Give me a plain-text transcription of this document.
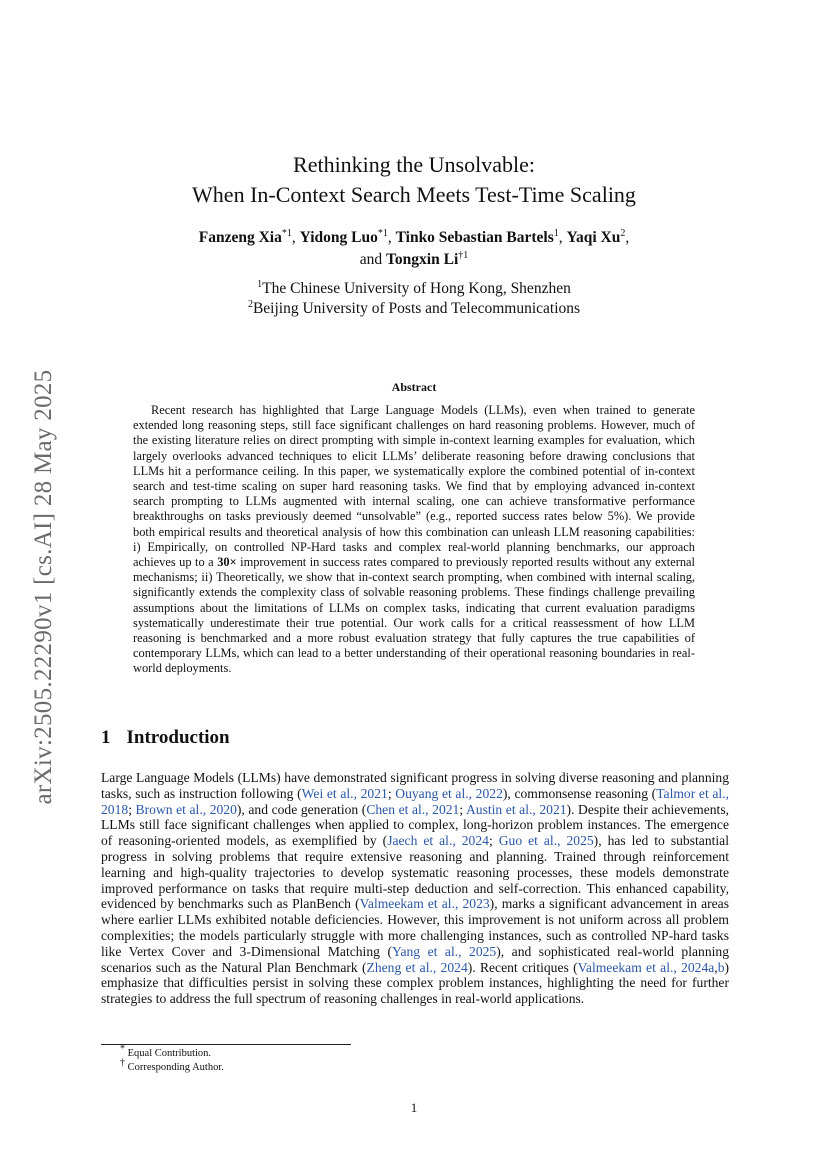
arXiv:2505.22290v1 [cs.AI] 28 May 2025
Rethinking the Unsolvable:
When In-Context Search Meets Test-Time Scaling
Fanzeng Xia$^{*1}$, Yidong Luo$^{*1}$, Tinko Sebastian Bartels$^1$, Yaqi Xu$^2$,
and Tongxin Li$^{\dagger 1}$
$^1$The Chinese University of Hong Kong, Shenzhen
$^2$Beijing University of Posts and Telecommunications
Abstract
Recent research has highlighted that Large Language Models (LLMs), even when trained to generate extended long reasoning steps, still face significant challenges on hard reasoning problems. However, much of the existing literature relies on direct prompting with simple in-context learning examples for evaluation, which largely overlooks advanced techniques to elicit LLMs’ deliberate reasoning before drawing conclusions that LLMs hit a performance ceiling. In this paper, we systematically explore the combined potential of in-context search and test-time scaling on super hard reasoning tasks. We find that by employing advanced in-context search prompting to LLMs augmented with internal scaling, one can achieve transformative performance breakthroughs on tasks previously deemed “unsolvable” (e.g., reported success rates below 5%). We provide both empirical results and theoretical analysis of how this combination can unleash LLM reasoning capabilities: i) Empirically, on controlled NP-Hard tasks and complex real-world planning benchmarks, our approach achieves up to a 30× improvement in success rates compared to previously reported results without any external mechanisms; ii) Theoretically, we show that in-context search prompting, when combined with internal scaling, significantly extends the complexity class of solvable reasoning problems. These findings challenge prevailing assumptions about the limitations of LLMs on complex tasks, indicating that current evaluation paradigms systematically underestimate their true potential. Our work calls for a critical reassessment of how LLM reasoning is benchmarked and a more robust evaluation strategy that fully captures the true capabilities of contemporary LLMs, which can lead to a better understanding of their operational reasoning boundaries in real-world deployments.
1 Introduction
Large Language Models (LLMs) have demonstrated significant progress in solving diverse reasoning and planning tasks, such as instruction following (Wei et al., 2021; Ouyang et al., 2022), commonsense reasoning (Talmor et al., 2018; Brown et al., 2020), and code generation (Chen et al., 2021; Austin et al., 2021). Despite their achievements, LLMs still face significant challenges when applied to complex, long-horizon problem instances. The emergence of reasoning-oriented models, as exemplified by (Jaech et al., 2024; Guo et al., 2025), has led to substantial progress in solving problems that require extensive reasoning and planning. Trained through reinforcement learning and high-quality trajectories to develop systematic reasoning processes, these models demonstrate improved performance on tasks that require multi-step deduction and self-correction. This enhanced capability, evidenced by benchmarks such as PlanBench (Valmeekam et al., 2023), marks a significant advancement in areas where earlier LLMs exhibited notable deficiencies. However, this improvement is not uniform across all problem complexities; the models particularly struggle with more challenging instances, such as controlled NP-hard tasks like Vertex Cover and 3-Dimensional Matching (Yang et al., 2025), and sophisticated real-world planning scenarios such as the Natural Plan Benchmark (Zheng et al., 2024). Recent critiques (Valmeekam et al., 2024a,b) emphasize that difficulties persist in solving these complex problem instances, highlighting the need for further strategies to address the full spectrum of reasoning challenges in real-world applications.
* Equal Contribution.
† Corresponding Author.
1
